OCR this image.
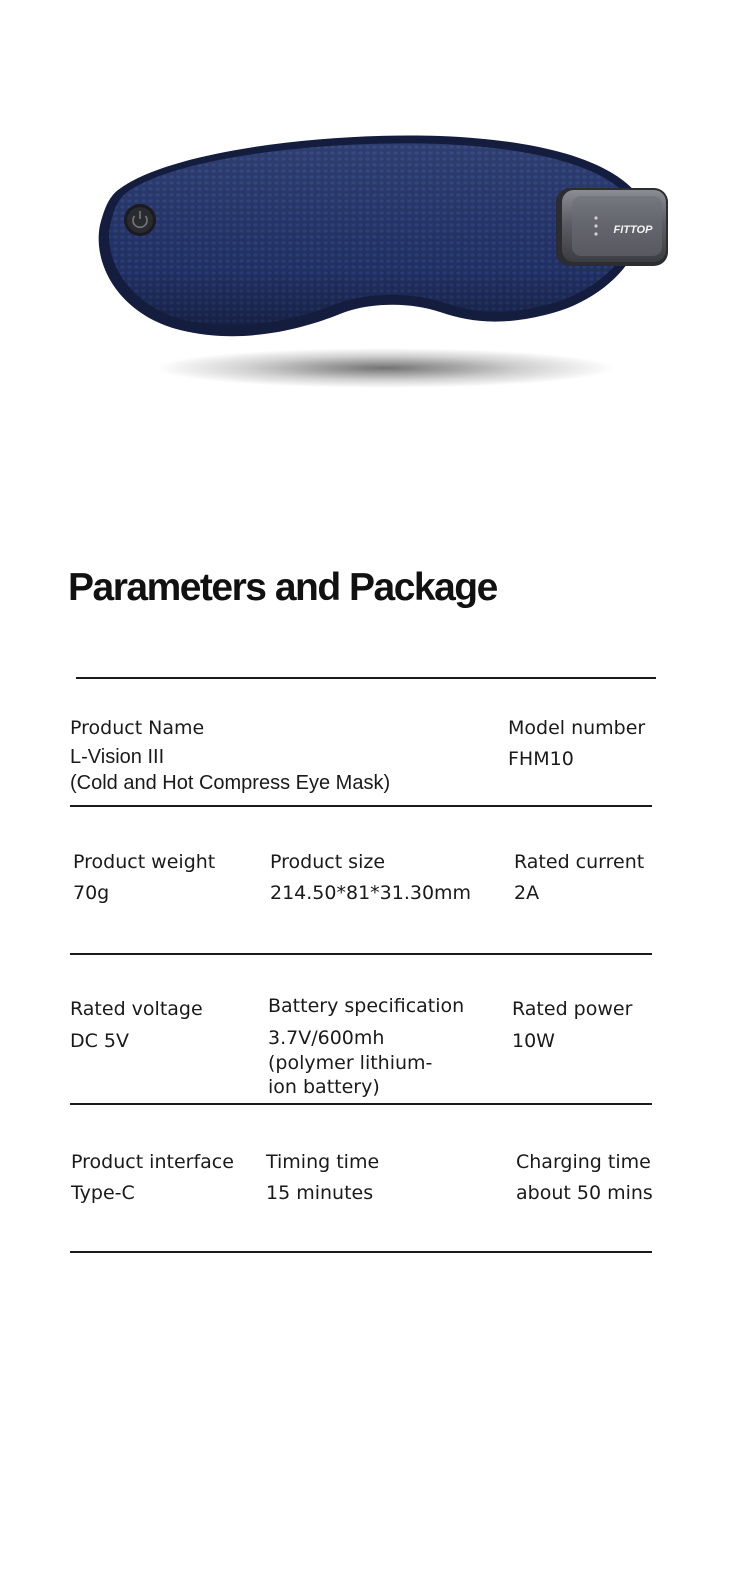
FITTOP
Parameters and Package
Product Name
L-Vision III
(Cold and Hot Compress Eye Mask)
Model number
FHM10
Product weight
70g
Product size
214.50*81*31.30mm
Rated current
2A
Rated voltage
DC 5V
Battery specification
3.7V/600mh
(polymer lithium-
ion battery)
Rated power
10W
Product interface
Type-C
Timing time
15 minutes
Charging time
about 50 mins
